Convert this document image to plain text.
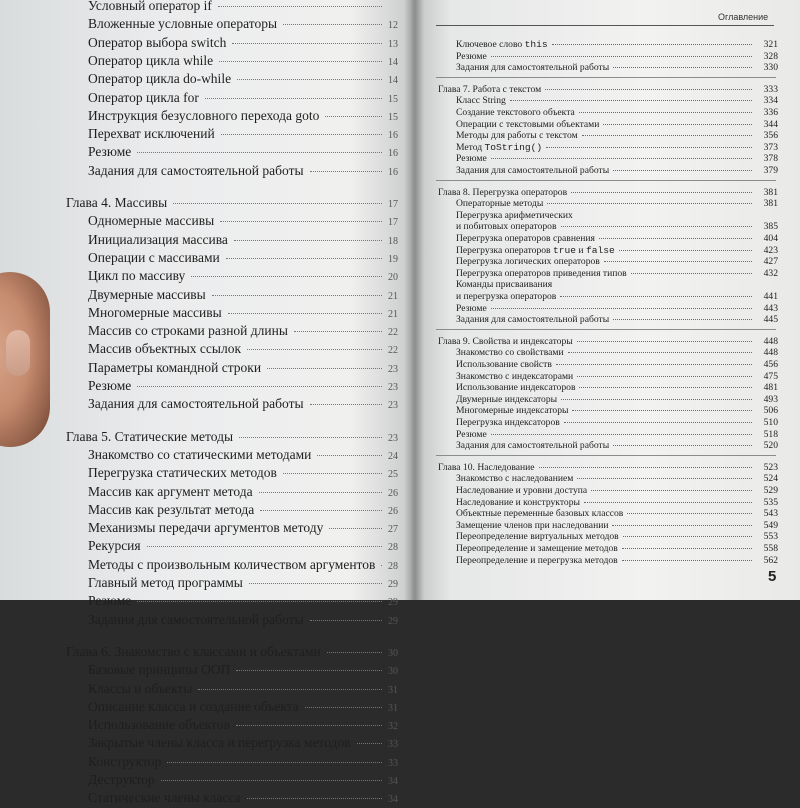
Условный оператор if
Вложенные условные операторы	12
Оператор выбора switch	13
Оператор цикла while	14
Оператор цикла do-while	14
Оператор цикла for	15
Инструкция безусловного перехода goto	15
Перехват исключений	16
Резюме	16
Задания для самостоятельной работы	16
Глава 4. Массивы	17
Одномерные массивы	17
Инициализация массива	18
Операции с массивами	19
Цикл по массиву	20
Двумерные массивы	21
Многомерные массивы	21
Массив со строками разной длины	22
Массив объектных ссылок	22
Параметры командной строки	23
Резюме	23
Задания для самостоятельной работы	23
Глава 5. Статические методы	23
Знакомство со статическими методами	24
Перегрузка статических методов	25
Массив как аргумент метода	26
Массив как результат метода	26
Механизмы передачи аргументов методу	27
Рекурсия	28
Методы с произвольным количеством аргументов 28
Главный метод программы	29
Резюме	29
Задания для самостоятельной работы	29
Глава 6. Знакомство с классами и объектами	30
Базовые принципы ООП	30
Классы и объекты	31
Описание класса и создание объекта	31
Использование объектов	32
Закрытые члены класса и перегрузка методов	33
Конструктор	33
Деструктор	34
Статические члены класса	34
Оглавление
5
Ключевое слово this	321
Резюме	328
Задания для самостоятельной работы	330
Глава 7. Работа с текстом	333
Класс String	334
Создание текстового объекта	336
Операции с текстовыми объектами	344
Методы для работы с текстом	356
Метод ToString()	373
Резюме	378
Задания для самостоятельной работы	379
Глава 8. Перегрузка операторов	381
Операторные методы	381
Перегрузка арифметических
и побитовых операторов	385
Перегрузка операторов сравнения	404
Перегрузка операторов true и false	423
Перегрузка логических операторов	427
Перегрузка операторов приведения типов	432
Команды присваивания
и перегрузка операторов	441
Резюме	443
Задания для самостоятельной работы	445
Глава 9. Свойства и индексаторы	448
Знакомство со свойствами	448
Использование свойств	456
Знакомство с индексаторами	475
Использование индексаторов	481
Двумерные индексаторы	493
Многомерные индексаторы	506
Перегрузка индексаторов	510
Резюме	518
Задания для самостоятельной работы	520
Глава 10. Наследование	523
Знакомство с наследованием	524
Наследование и уровни доступа	529
Наследование и конструкторы	535
Объектные переменные базовых классов	543
Замещение членов при наследовании	549
Переопределение виртуальных методов	553
Переопределение и замещение методов	558
Переопределение и перегрузка методов	562
